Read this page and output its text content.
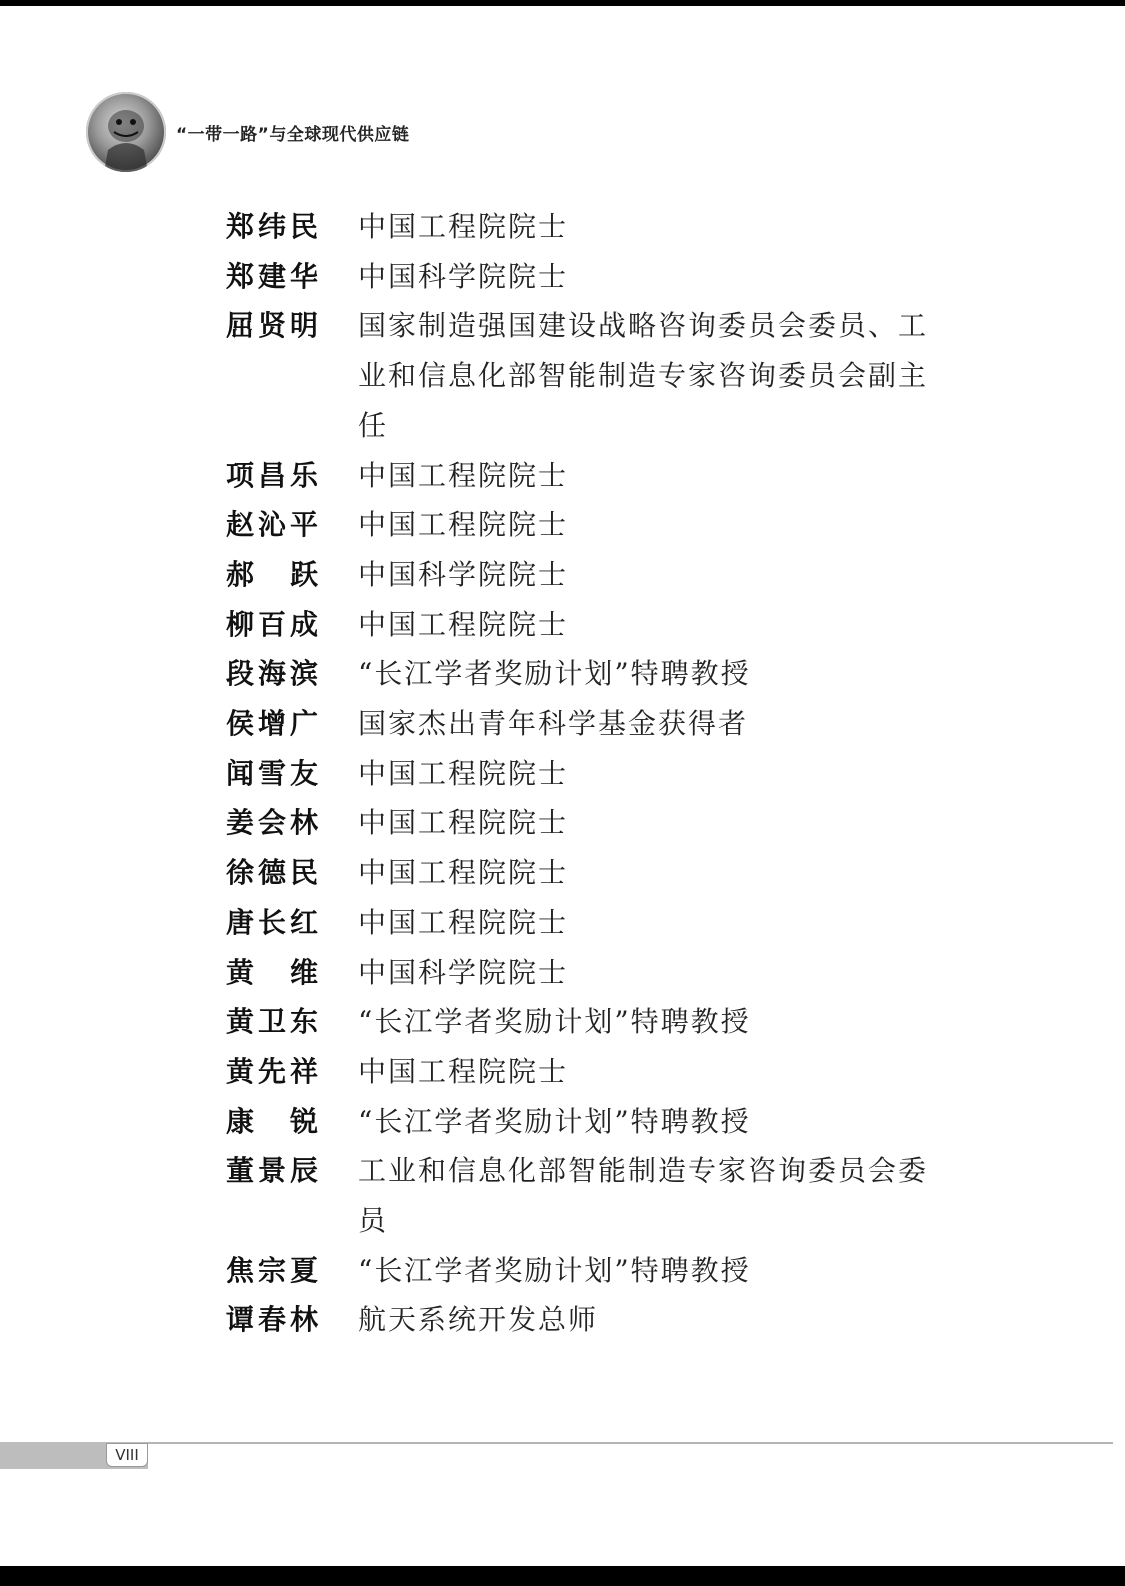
“一带一路”与全球现代供应链
郑纬民 中国工程院院士
郑建华 中国科学院院士
屈贤明 国家制造强国建设战略咨询委员会委员、工业和信息化部智能制造专家咨询委员会副主任
项昌乐 中国工程院院士
赵沁平 中国工程院院士
郝 跃 中国科学院院士
柳百成 中国工程院院士
段海滨 “长江学者奖励计划”特聘教授
侯增广 国家杰出青年科学基金获得者
闻雪友 中国工程院院士
姜会林 中国工程院院士
徐德民 中国工程院院士
唐长红 中国工程院院士
黄 维 中国科学院院士
黄卫东 “长江学者奖励计划”特聘教授
黄先祥 中国工程院院士
康 锐 “长江学者奖励计划”特聘教授
董景辰 工业和信息化部智能制造专家咨询委员会委员
焦宗夏 “长江学者奖励计划”特聘教授
谭春林 航天系统开发总师
VIII
